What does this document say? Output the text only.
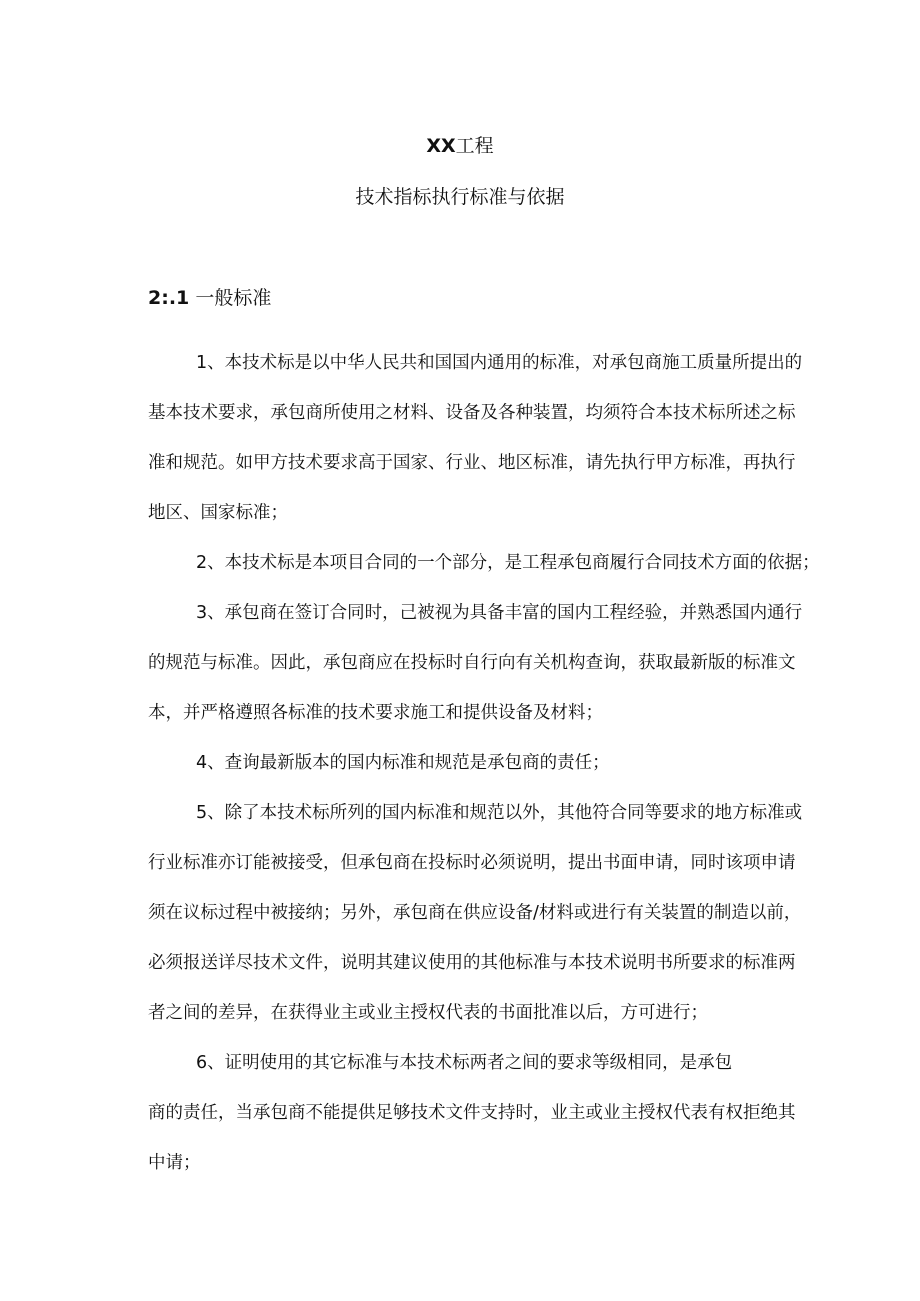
XX工程
技术指标执行标准与依据
2:.1 一般标准
1、本技术标是以中华人民共和国国内通用的标准，对承包商施工质量所提出的
基本技术要求，承包商所使用之材料、设备及各种装置，均须符合本技术标所述之标
准和规范。如甲方技术要求高于国家、行业、地区标准，请先执行甲方标准，再执行
地区、国家标准；
2、本技术标是本项目合同的一个部分，是工程承包商履行合同技术方面的依据；
3、承包商在签订合同时，己被视为具备丰富的国内工程经验，并熟悉国内通行
的规范与标准。因此，承包商应在投标时自行向有关机构查询，获取最新版的标准文
本，并严格遵照各标准的技术要求施工和提供设备及材料；
4、查询最新版本的国内标准和规范是承包商的责任；
5、除了本技术标所列的国内标准和规范以外，其他符合同等要求的地方标准或
行业标准亦订能被接受，但承包商在投标时必须说明，提出书面申请，同时该项申请
须在议标过程中被接纳；另外，承包商在供应设备/材料或进行有关装置的制造以前，
必须报送详尽技术文件，说明其建议使用的其他标准与本技术说明书所要求的标准两
者之间的差异，在获得业主或业主授权代表的书面批准以后，方可进行；
6、证明使用的其它标准与本技术标两者之间的要求等级相同，是承包
商的责任，当承包商不能提供足够技术文件支持时，业主或业主授权代表有权拒绝其
中请；
